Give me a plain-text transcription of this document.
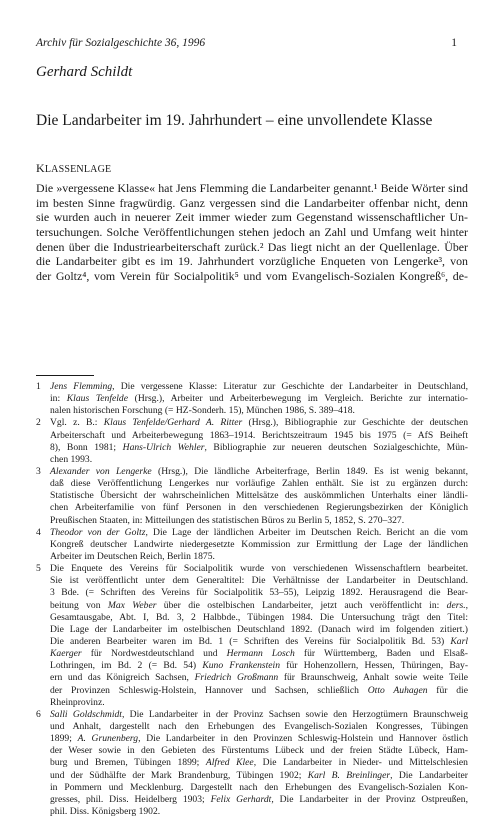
Archiv für Sozialgeschichte 36, 1996	1
Gerhard Schildt
Die Landarbeiter im 19. Jahrhundert – eine unvollendete Klasse
KLASSENLAGE
Die »vergessene Klasse« hat Jens Flemming die Landarbeiter genannt.¹ Beide Wörter sind
im besten Sinne fragwürdig. Ganz vergessen sind die Landarbeiter offenbar nicht, denn
sie wurden auch in neuerer Zeit immer wieder zum Gegenstand wissenschaftlicher Un-
tersuchungen. Solche Veröffentlichungen stehen jedoch an Zahl und Umfang weit hinter
denen über die Industriearbeiterschaft zurück.² Das liegt nicht an der Quellenlage. Über
die Landarbeiter gibt es im 19. Jahrhundert vorzügliche Enqueten von Lengerke³, von
der Goltz⁴, vom Verein für Socialpolitik⁵ und vom Evangelisch-Sozialen Kongreß⁶, de-
1 Jens Flemming, Die vergessene Klasse: Literatur zur Geschichte der Landarbeiter in Deutschland,
in: Klaus Tenfelde (Hrsg.), Arbeiter und Arbeiterbewegung im Vergleich. Berichte zur internatio-
nalen historischen Forschung (= HZ-Sonderh. 15), München 1986, S. 389–418.
2 Vgl. z. B.: Klaus Tenfelde/Gerhard A. Ritter (Hrsg.), Bibliographie zur Geschichte der deutschen
Arbeiterschaft und Arbeiterbewegung 1863–1914. Berichtszeitraum 1945 bis 1975 (= AfS Beiheft
8), Bonn 1981; Hans-Ulrich Wehler, Bibliographie zur neueren deutschen Sozialgeschichte, Mün-
chen 1993.
3 Alexander von Lengerke (Hrsg.), Die ländliche Arbeiterfrage, Berlin 1849. Es ist wenig bekannt,
daß diese Veröffentlichung Lengerkes nur vorläufige Zahlen enthält. Sie ist zu ergänzen durch:
Statistische Übersicht der wahrscheinlichen Mittelsätze des auskömmlichen Unterhalts einer ländli-
chen Arbeiterfamilie von fünf Personen in den verschiedenen Regierungsbezirken der Königlich
Preußischen Staaten, in: Mitteilungen des statistischen Büros zu Berlin 5, 1852, S. 270–327.
4 Theodor von der Goltz, Die Lage der ländlichen Arbeiter im Deutschen Reich. Bericht an die vom
Kongreß deutscher Landwirte niedergesetzte Kommission zur Ermittlung der Lage der ländlichen
Arbeiter im Deutschen Reich, Berlin 1875.
5 Die Enquete des Vereins für Socialpolitik wurde von verschiedenen Wissenschaftlern bearbeitet.
Sie ist veröffentlicht unter dem Generaltitel: Die Verhältnisse der Landarbeiter in Deutschland.
3 Bde. (= Schriften des Vereins für Socialpolitik 53–55), Leipzig 1892. Herausragend die Bear-
beitung von Max Weber über die ostelbischen Landarbeiter, jetzt auch veröffentlicht in: ders.,
Gesamtausgabe, Abt. I, Bd. 3, 2 Halbbde., Tübingen 1984. Die Untersuchung trägt den Titel:
Die Lage der Landarbeiter im ostelbischen Deutschland 1892. (Danach wird im folgenden zitiert.)
Die anderen Bearbeiter waren im Bd. 1 (= Schriften des Vereins für Socialpolitik Bd. 53) Karl
Kaerger für Nordwestdeutschland und Hermann Losch für Württemberg, Baden und Elsaß-
Lothringen, im Bd. 2 (= Bd. 54) Kuno Frankenstein für Hohenzollern, Hessen, Thüringen, Bay-
ern und das Königreich Sachsen, Friedrich Großmann für Braunschweig, Anhalt sowie weite Teile
der Provinzen Schleswig-Holstein, Hannover und Sachsen, schließlich Otto Auhagen für die
Rheinprovinz.
6 Salli Goldschmidt, Die Landarbeiter in der Provinz Sachsen sowie den Herzogtümern Braunschweig
und Anhalt, dargestellt nach den Erhebungen des Evangelisch-Sozialen Kongresses, Tübingen
1899; A. Grunenberg, Die Landarbeiter in den Provinzen Schleswig-Holstein und Hannover östlich
der Weser sowie in den Gebieten des Fürstentums Lübeck und der freien Städte Lübeck, Ham-
burg und Bremen, Tübingen 1899; Alfred Klee, Die Landarbeiter in Nieder- und Mittelschlesien
und der Südhälfte der Mark Brandenburg, Tübingen 1902; Karl B. Breinlinger, Die Landarbeiter
in Pommern und Mecklenburg. Dargestellt nach den Erhebungen des Evangelisch-Sozialen Kon-
gresses, phil. Diss. Heidelberg 1903; Felix Gerhardt, Die Landarbeiter in der Provinz Ostpreußen,
phil. Diss. Königsberg 1902.
